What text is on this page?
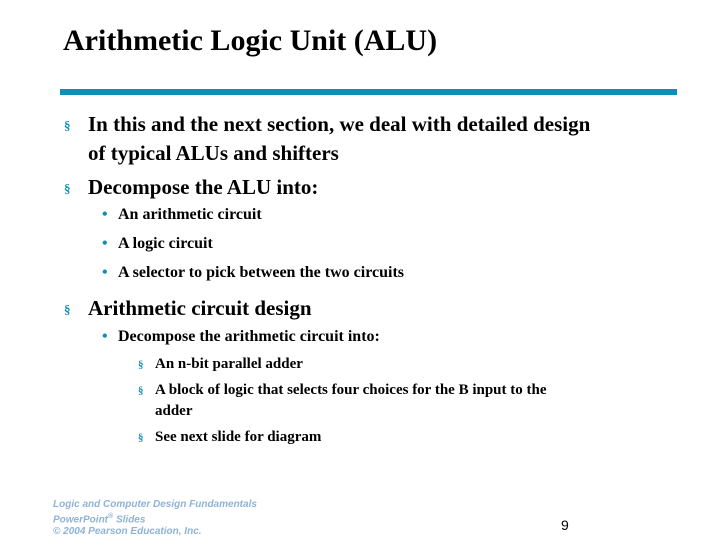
Arithmetic Logic Unit (ALU)
§ In this and the next section, we deal with detailed design
of typical ALUs and shifters
§ Decompose the ALU into:
• An arithmetic circuit
• A logic circuit
• A selector to pick between the two circuits
§ Arithmetic circuit design
• Decompose the arithmetic circuit into:
§ An n-bit parallel adder
§ A block of logic that selects four choices for the B input to the
adder
§ See next slide for diagram
Logic and Computer Design Fundamentals
PowerPoint® Slides
© 2004 Pearson Education, Inc.	9
